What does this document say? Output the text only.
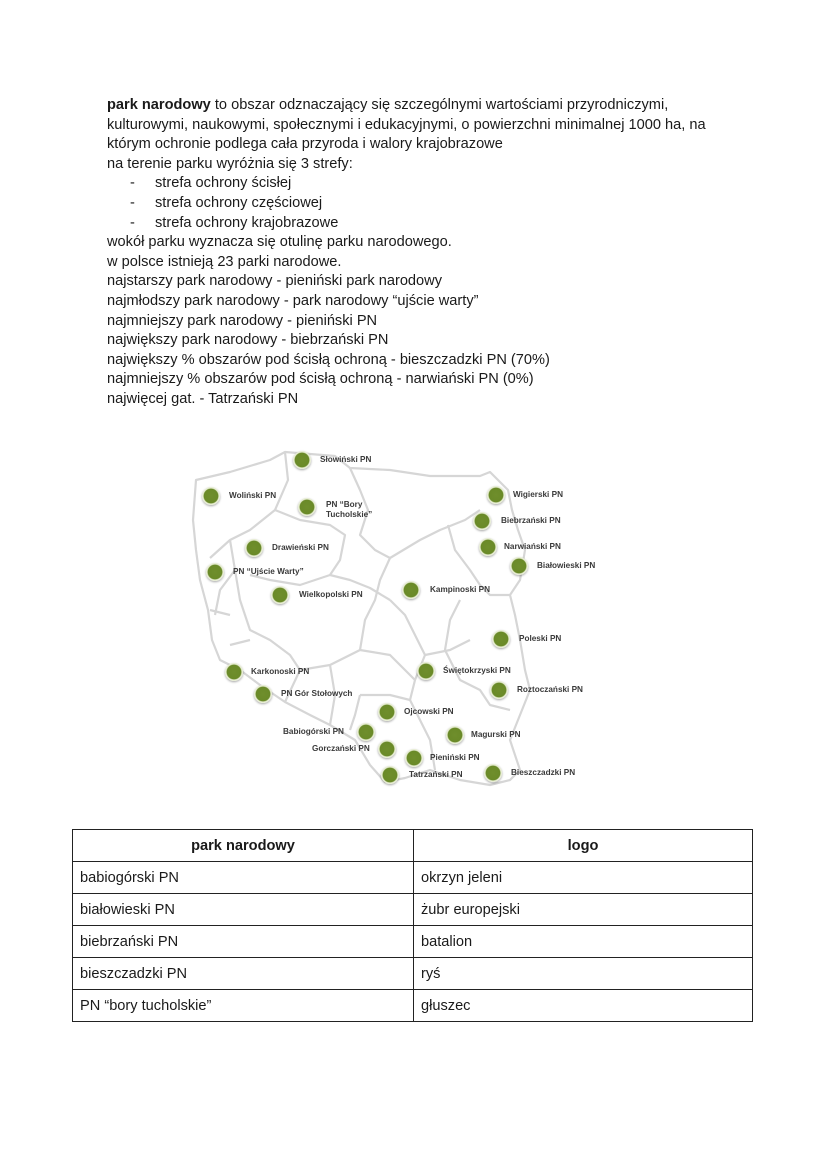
park narodowy to obszar odznaczający się szczególnymi wartościami przyrodniczymi, kulturowymi, naukowymi, społecznymi i edukacyjnymi, o powierzchni minimalnej 1000 ha, na którym ochronie podlega cała przyroda i walory krajobrazowe

na terenie parku wyróżnia się 3 strefy:

- strefa ochrony ścisłej

- strefa ochrony częściowej

- strefa ochrony krajobrazowe

wokół parku wyznacza się otulinę parku narodowego.

w polsce istnieją 23 parki narodowe.

najstarszy park narodowy - pieniński park narodowy

najmłodszy park narodowy - park narodowy “ujście warty”

najmniejszy park narodowy - pieniński PN

największy park narodowy - biebrzański PN

największy % obszarów pod ścisłą ochroną - bieszczadzki PN (70%)

najmniejszy % obszarów pod ścisłą ochroną - narwiański PN (0%)

najwięcej gat. - Tatrzański PN

Słowiński PN
Woliński PN
PN “Bory
Tucholskie”
Drawieński PN
PN “Ujście Warty”
Wielkopolski PN
Wigierski PN
Biebrzański PN
Narwiański PN
Białowieski PN
Kampinoski PN
Poleski PN
Karkonoski PN
PN Gór Stołowych
Świętokrzyski PN
Roztoczański PN
Ojcowski PN
Babiogórski PN	Magurski PN
Gorczański PN
Pieniński PN
Tatrzański PN	Bieszczadzki PN
park narodowy	logo
babiogórski PN	okrzyn jeleni
białowieski PN	żubr europejski
biebrzański PN	batalion
bieszczadzki PN	ryś
PN “bory tucholskie”	głuszec
